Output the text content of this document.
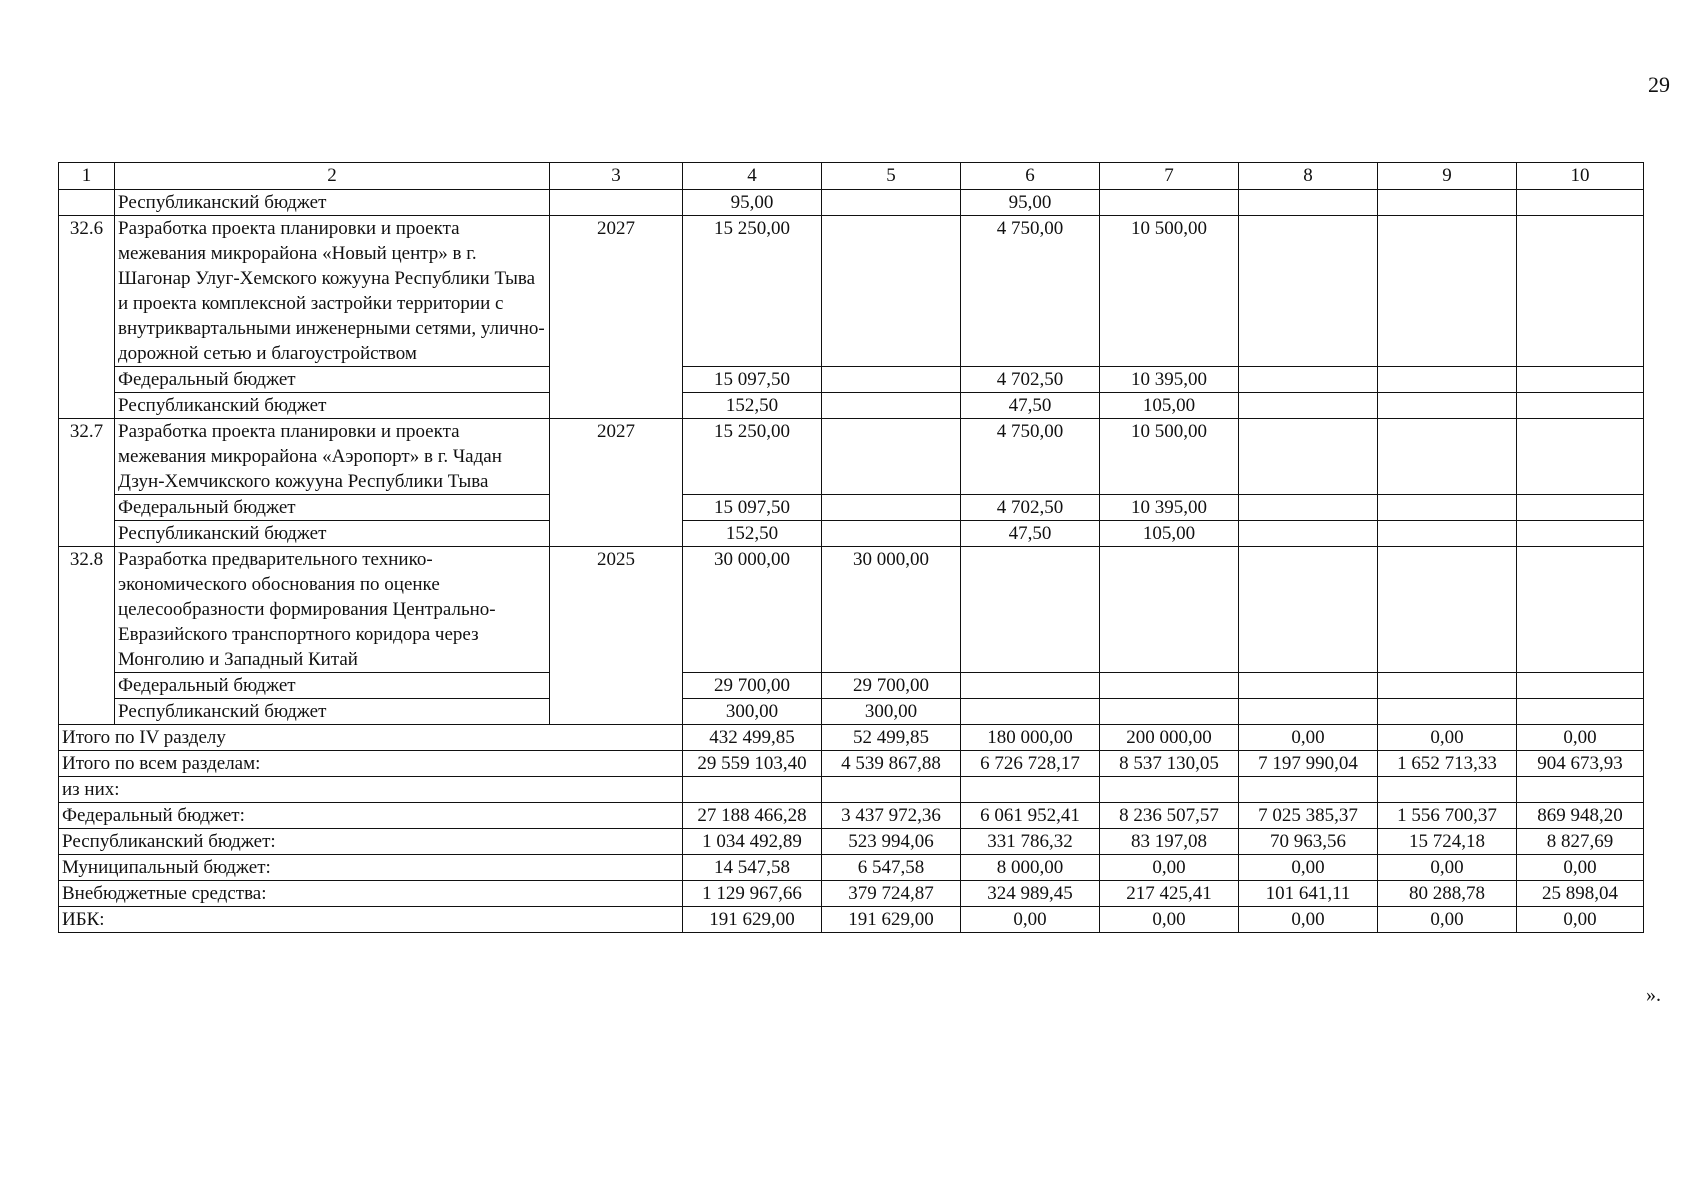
29
1	2	3	4	5	6	7	8	9	10
	Республиканский бюджет		95,00		95,00				
32.6	Разработка проекта планировки и проекта межевания микрорайона «Новый центр» в г. Шагонар Улуг-Хемского кожууна Республики Тыва и проекта комплексной застройки территории с внутриквартальными инженерными сетями, улично-дорожной сетью и благоустройством	2027	15 250,00		4 750,00	10 500,00			
	Федеральный бюджет		15 097,50		4 702,50	10 395,00			
	Республиканский бюджет		152,50		47,50	105,00			
32.7	Разработка проекта планировки и проекта межевания микрорайона «Аэропорт» в г. Чадан Дзун-Хемчикского кожууна Республики Тыва	2027	15 250,00		4 750,00	10 500,00			
	Федеральный бюджет		15 097,50		4 702,50	10 395,00			
	Республиканский бюджет		152,50		47,50	105,00			
32.8	Разработка предварительного технико-экономического обоснования по оценке целесообразности формирования Центрально-Евразийского транспортного коридора через Монголию и Западный Китай	2025	30 000,00	30 000,00					
	Федеральный бюджет		29 700,00	29 700,00					
	Республиканский бюджет		300,00	300,00					
Итого по IV разделу			432 499,85	52 499,85	180 000,00	200 000,00	0,00	0,00	0,00
Итого по всем разделам:			29 559 103,40	4 539 867,88	6 726 728,17	8 537 130,05	7 197 990,04	1 652 713,33	904 673,93
из них:									
Федеральный бюджет:			27 188 466,28	3 437 972,36	6 061 952,41	8 236 507,57	7 025 385,37	1 556 700,37	869 948,20
Республиканский бюджет:			1 034 492,89	523 994,06	331 786,32	83 197,08	70 963,56	15 724,18	8 827,69
Муниципальный бюджет:			14 547,58	6 547,58	8 000,00	0,00	0,00	0,00	0,00
Внебюджетные средства:			1 129 967,66	379 724,87	324 989,45	217 425,41	101 641,11	80 288,78	25 898,04
ИБК:			191 629,00	191 629,00	0,00	0,00	0,00	0,00	0,00
».
